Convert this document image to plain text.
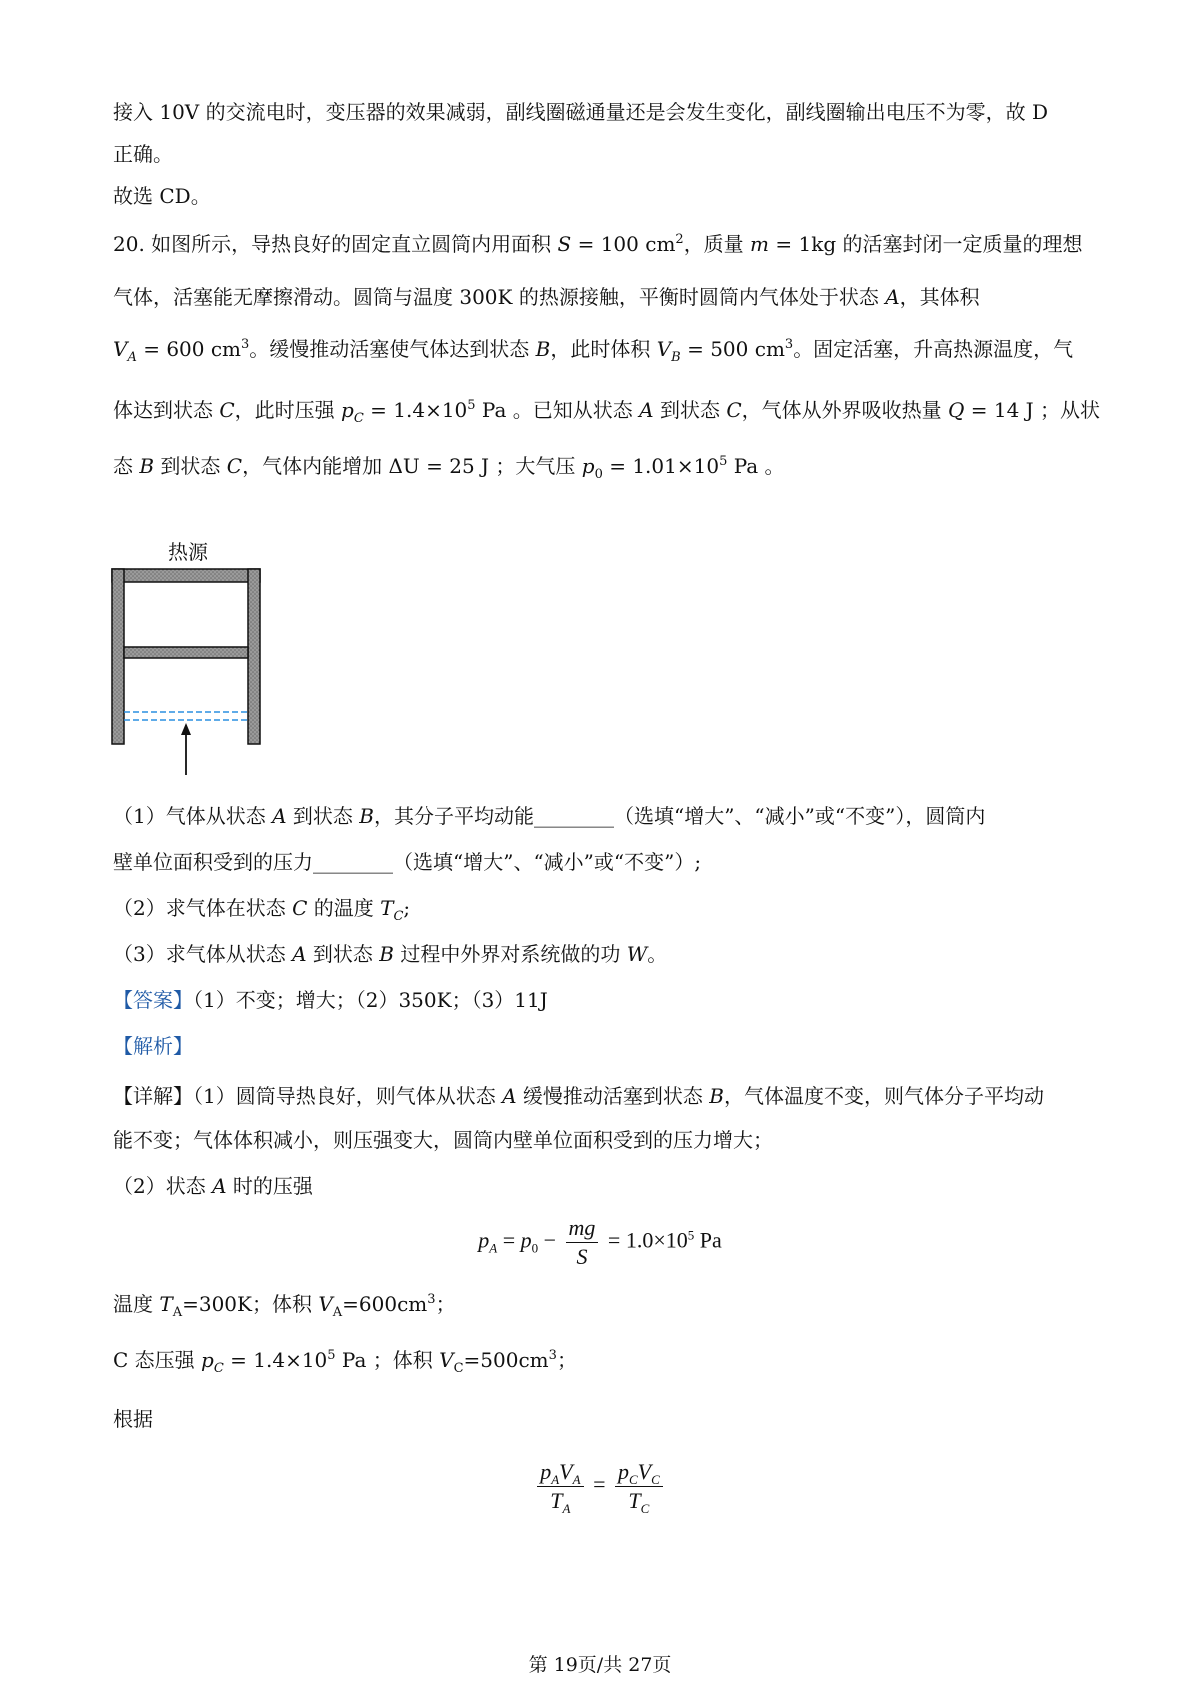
接入 10V 的交流电时，变压器的效果减弱，副线圈磁通量还是会发生变化，副线圈输出电压不为零，故 D
正确。
故选 CD。
20. 如图所示，导热良好的固定直立圆筒内用面积 S = 100 $cm^2$，质量 m = 1kg 的活塞封闭一定质量的理想
气体，活塞能无摩擦滑动。圆筒与温度 300K 的热源接触，平衡时圆筒内气体处于状态 A，其体积
$V_A = 600$ $cm^3$。缓慢推动活塞使气体达到状态 B，此时体积 $V_B = 500$ $cm^3$。固定活塞，升高热源温度，气
体达到状态 C，此时压强 $p_C = 1.4\times 10^5$ Pa 。已知从状态 A 到状态 C，气体从外界吸收热量 Q = 14 J ；从状
态 B 到状态 C，气体内能增加 ΔU = 25 J ；大气压 $p_0 = 1.01\times 10^5$ Pa 。
热源
（1）气体从状态 A 到状态 B，其分子平均动能________（选填“增大”、“减小”或“不变”），圆筒内
壁单位面积受到的压力________（选填“增大”、“减小”或“不变”）;
（2）求气体在状态 C 的温度 $T_C$;
（3）求气体从状态 A 到状态 B 过程中外界对系统做的功 W。
【答案】（1）不变；增大；（2）350K；（3）11J
【解析】
【详解】（1）圆筒导热良好，则气体从状态 A 缓慢推动活塞到状态 B，气体温度不变，则气体分子平均动
能不变；气体体积减小，则压强变大，圆筒内壁单位面积受到的压力增大；
（2）状态 A 时的压强
$p_A = p_0 - \frac{mg}{S} = 1.0\times 10^5$ Pa
温度 $T_A=300K$；体积 $V_A=600cm^3$；
C 态压强 $p_C = 1.4\times 10^5$ Pa ；体积 $V_C=500cm^3$；
根据
$\frac{p_AV_A}{T_A} = \frac{p_CV_C}{T_C}$
第 19页/共 27页
